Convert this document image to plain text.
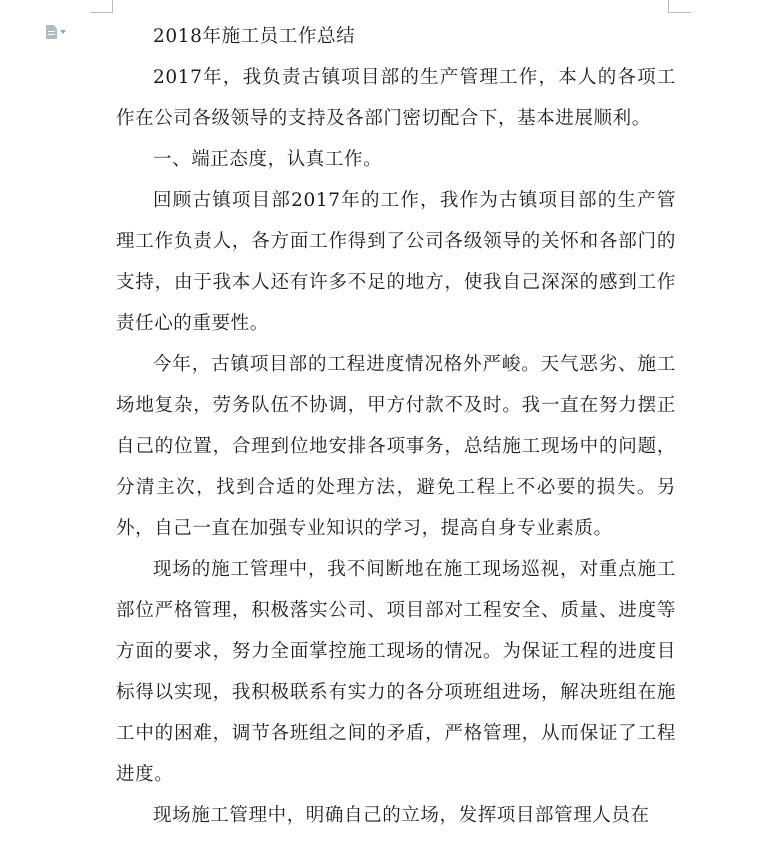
2018年施工员工作总结

2017年，我负责古镇项目部的生产管理工作，本人的各项工作在公司各级领导的支持及各部门密切配合下，基本进展顺利。

一、端正态度，认真工作。

回顾古镇项目部2017年的工作，我作为古镇项目部的生产管理工作负责人，各方面工作得到了公司各级领导的关怀和各部门的支持，由于我本人还有许多不足的地方，使我自己深深的感到工作责任心的重要性。

今年，古镇项目部的工程进度情况格外严峻。天气恶劣、施工场地复杂，劳务队伍不协调，甲方付款不及时。我一直在努力摆正自己的位置，合理到位地安排各项事务，总结施工现场中的问题，分清主次，找到合适的处理方法，避免工程上不必要的损失。另外，自己一直在加强专业知识的学习，提高自身专业素质。

现场的施工管理中，我不间断地在施工现场巡视，对重点施工部位严格管理，积极落实公司、项目部对工程安全、质量、进度等方面的要求，努力全面掌控施工现场的情况。为保证工程的进度目标得以实现，我积极联系有实力的各分项班组进场，解决班组在施工中的困难，调节各班组之间的矛盾，严格管理，从而保证了工程进度。

现场施工管理中，明确自己的立场，发挥项目部管理人员在
